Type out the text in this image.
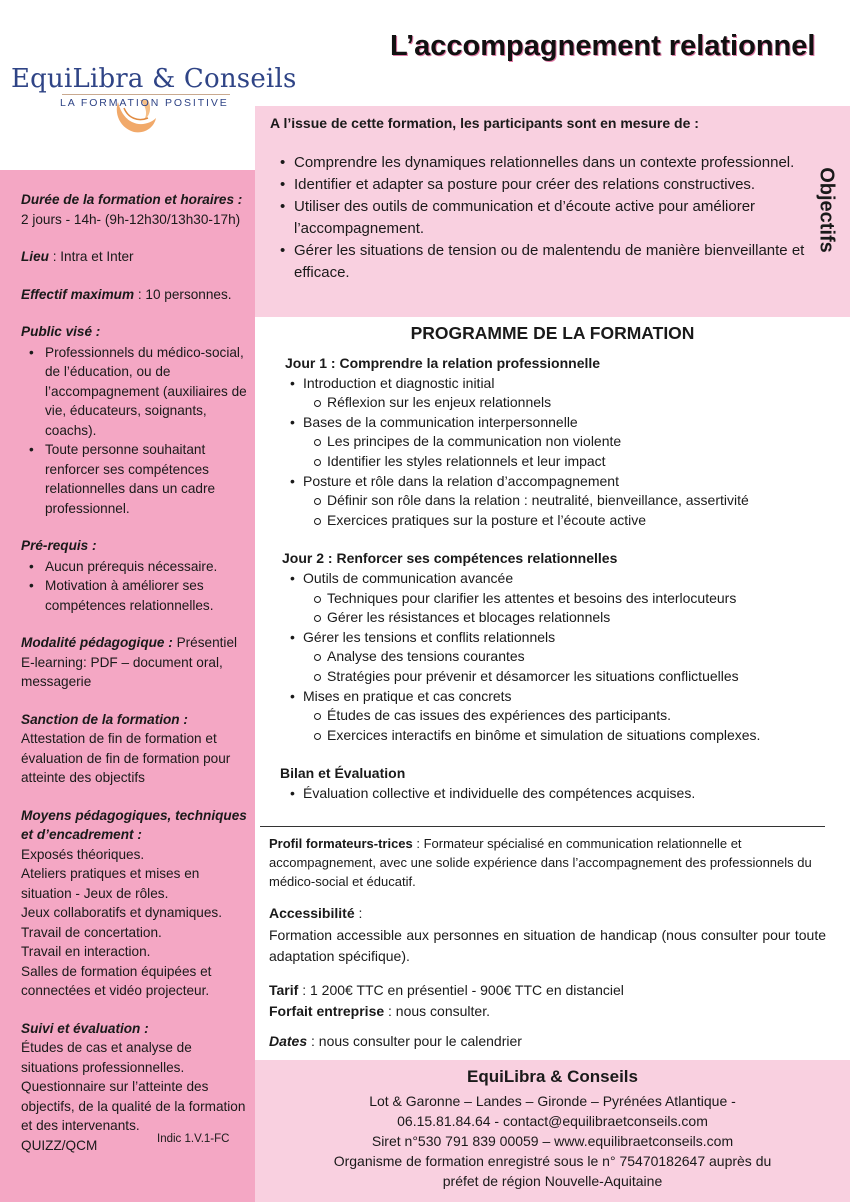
EquiLibra & Conseils
LA FORMATION POSITIVE
L’accompagnement relationnel
Durée de la formation et horaires :
2 jours - 14h- (9h-12h30/13h30-17h)
Lieu : Intra et Inter
Effectif maximum : 10 personnes.
Public visé :
• Professionnels du médico-social, de l’éducation, ou de l’accompagnement (auxiliaires de vie, éducateurs, soignants, coachs).
• Toute personne souhaitant renforcer ses compétences relationnelles dans un cadre professionnel.
Pré-requis :
• Aucun prérequis nécessaire.
• Motivation à améliorer ses compétences relationnelles.
Modalité pédagogique : Présentiel E-learning: PDF – document oral, messagerie
Sanction de la formation :
Attestation de fin de formation et évaluation de fin de formation pour atteinte des objectifs
Moyens pédagogiques, techniques et d’encadrement :
Exposés théoriques.
Ateliers pratiques et mises en situation - Jeux de rôles.
Jeux collaboratifs et dynamiques.
Travail de concertation.
Travail en interaction.
Salles de formation équipées et connectées et vidéo projecteur.
Suivi et évaluation :
Études de cas et analyse de situations professionnelles.
Questionnaire sur l’atteinte des objectifs, de la qualité de la formation et des intervenants.
QUIZZ/QCM	Indic 1.V.1-FC
A l’issue de cette formation, les participants sont en mesure de :
• Comprendre les dynamiques relationnelles dans un contexte professionnel.
• Identifier et adapter sa posture pour créer des relations constructives.
• Utiliser des outils de communication et d’écoute active pour améliorer l’accompagnement.
• Gérer les situations de tension ou de malentendu de manière bienveillante et efficace.
Objectifs
PROGRAMME DE LA FORMATION
Jour 1 : Comprendre la relation professionnelle
• Introduction et diagnostic initial
Réflexion sur les enjeux relationnels
• Bases de la communication interpersonnelle
Les principes de la communication non violente
Identifier les styles relationnels et leur impact
• Posture et rôle dans la relation d’accompagnement
Définir son rôle dans la relation : neutralité, bienveillance, assertivité
Exercices pratiques sur la posture et l’écoute active
Jour 2 : Renforcer ses compétences relationnelles
• Outils de communication avancée
Techniques pour clarifier les attentes et besoins des interlocuteurs
Gérer les résistances et blocages relationnels
• Gérer les tensions et conflits relationnels
Analyse des tensions courantes
Stratégies pour prévenir et désamorcer les situations conflictuelles
• Mises en pratique et cas concrets
Études de cas issues des expériences des participants.
Exercices interactifs en binôme et simulation de situations complexes.
Bilan et Évaluation
• Évaluation collective et individuelle des compétences acquises.
Profil formateurs-trices : Formateur spécialisé en communication relationnelle et accompagnement, avec une solide expérience dans l’accompagnement des professionnels du médico-social et éducatif.
Accessibilité :
Formation accessible aux personnes en situation de handicap (nous consulter pour toute adaptation spécifique).
Tarif : 1 200€ TTC en présentiel - 900€ TTC en distanciel
Forfait entreprise : nous consulter.
Dates : nous consulter pour le calendrier
EquiLibra & Conseils
Lot & Garonne – Landes – Gironde – Pyrénées Atlantique -
06.15.81.84.64 - contact@equilibraetconseils.com
Siret n°530 791 839 00059 – www.equilibraetconseils.com
Organisme de formation enregistré sous le n° 75470182647 auprès du
préfet de région Nouvelle-Aquitaine
